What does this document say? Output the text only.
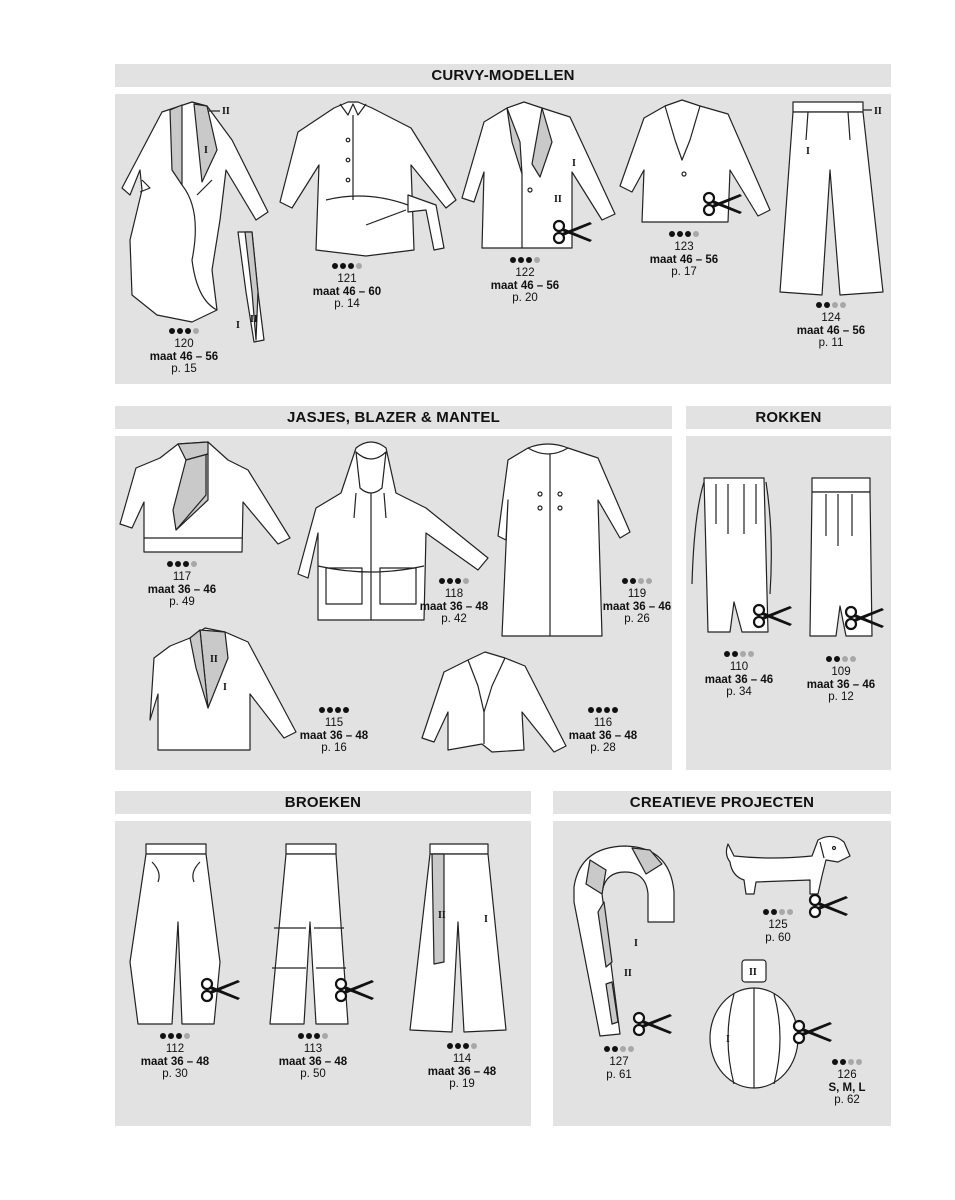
CURVY-MODELLEN
JASJES, BLAZER & MANTEL	ROKKEN
BROEKEN	CREATIEVE PROJECTEN
I
II
I
II
120
maat 46 – 56
p. 15
121
maat 46 – 60
p. 14
I
II
122
maat 46 – 56
p. 20
123
maat 46 – 56
p. 17
I
II
124
maat 46 – 56
p. 11
117
maat 36 – 46
p. 49
118
maat 36 – 48
p. 42
119
maat 36 – 46
p. 26
II
I
115
maat 36 – 48
p. 16
116
maat 36 – 48
p. 28
110
maat 36 – 46
p. 34
109
maat 36 – 46
p. 12
112
maat 36 – 48
p. 30
113
maat 36 – 48
p. 50
II	I
114
maat 36 – 48
p. 19
I
II
127
p. 61
125
p. 60
II
I
126
S, M, L
p. 62
